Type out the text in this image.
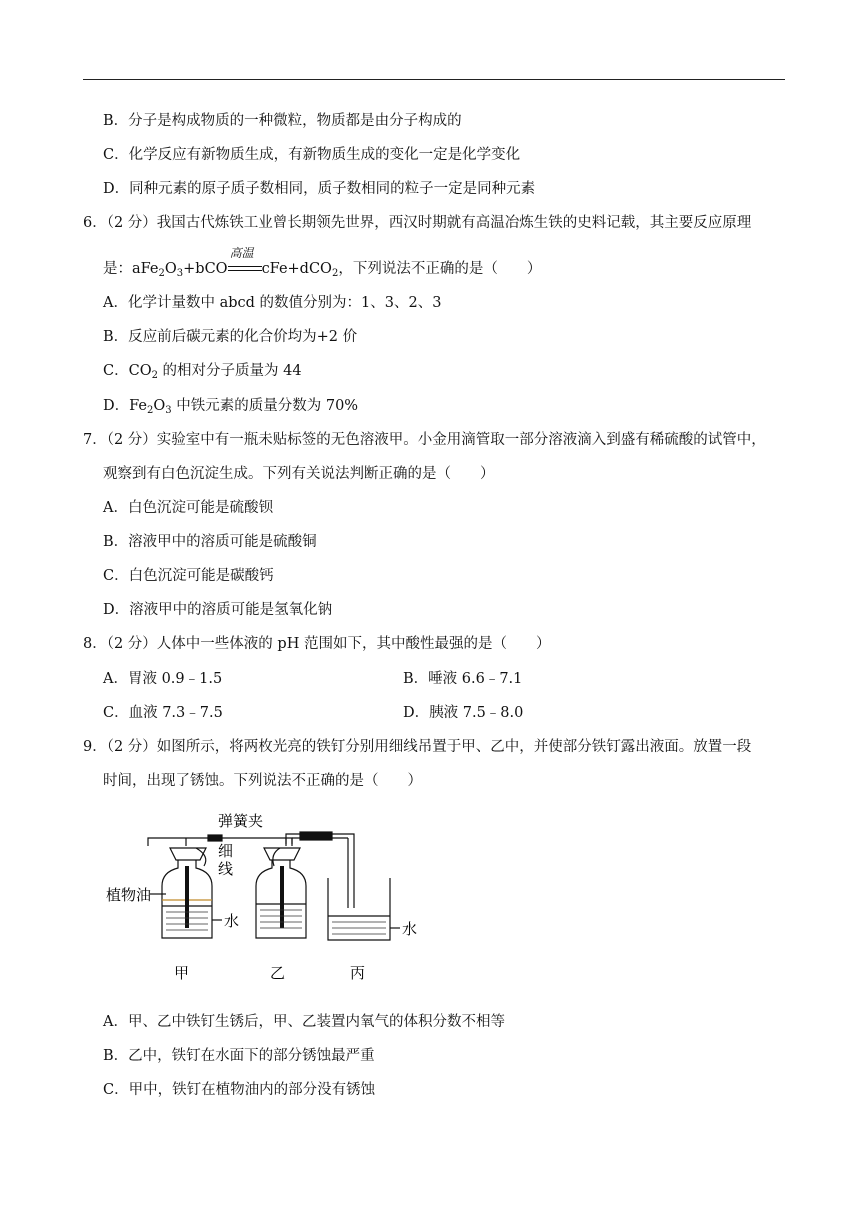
B．分子是构成物质的一种微粒，物质都是由分子构成的
C．化学反应有新物质生成，有新物质生成的变化一定是化学变化
D．同种元素的原子质子数相同，质子数相同的粒子一定是同种元素
6．（2 分）我国古代炼铁工业曾长期领先世界，西汉时期就有高温冶炼生铁的史料记载，其主要反应原理
是：$aFe_2O_3+bCO$
高温
cFe+dCO$_2$，下列说法不正确的是（　　）
A．化学计量数中 abcd 的数值分别为：1、3、2、3
B．反应前后碳元素的化合价均为+2 价
C．$CO_2$ 的相对分子质量为 44
D．$Fe_2O_3$ 中铁元素的质量分数为 70%
7．（2 分）实验室中有一瓶未贴标签的无色溶液甲。小金用滴管取一部分溶液滴入到盛有稀硫酸的试管中，
观察到有白色沉淀生成。下列有关说法判断正确的是（　　）
A．白色沉淀可能是硫酸钡
B．溶液甲中的溶质可能是硫酸铜
C．白色沉淀可能是碳酸钙
D．溶液甲中的溶质可能是氢氧化钠
8．（2 分）人体中一些体液的 pH 范围如下，其中酸性最强的是（　　）
A．胃液 0.9﹣1.5	B．唾液 6.6﹣7.1
C．血液 7.3﹣7.5	D．胰液 7.5﹣8.0
9．（2 分）如图所示，将两枚光亮的铁钉分别用细线吊置于甲、乙中，并使部分铁钉露出液面。放置一段
时间，出现了锈蚀。下列说法不正确的是（　　）
弹簧夹
细
线
植物油
水	水
甲	乙	丙
A．甲、乙中铁钉生锈后，甲、乙装置内氧气的体积分数不相等
B．乙中，铁钉在水面下的部分锈蚀最严重
C．甲中，铁钉在植物油内的部分没有锈蚀
